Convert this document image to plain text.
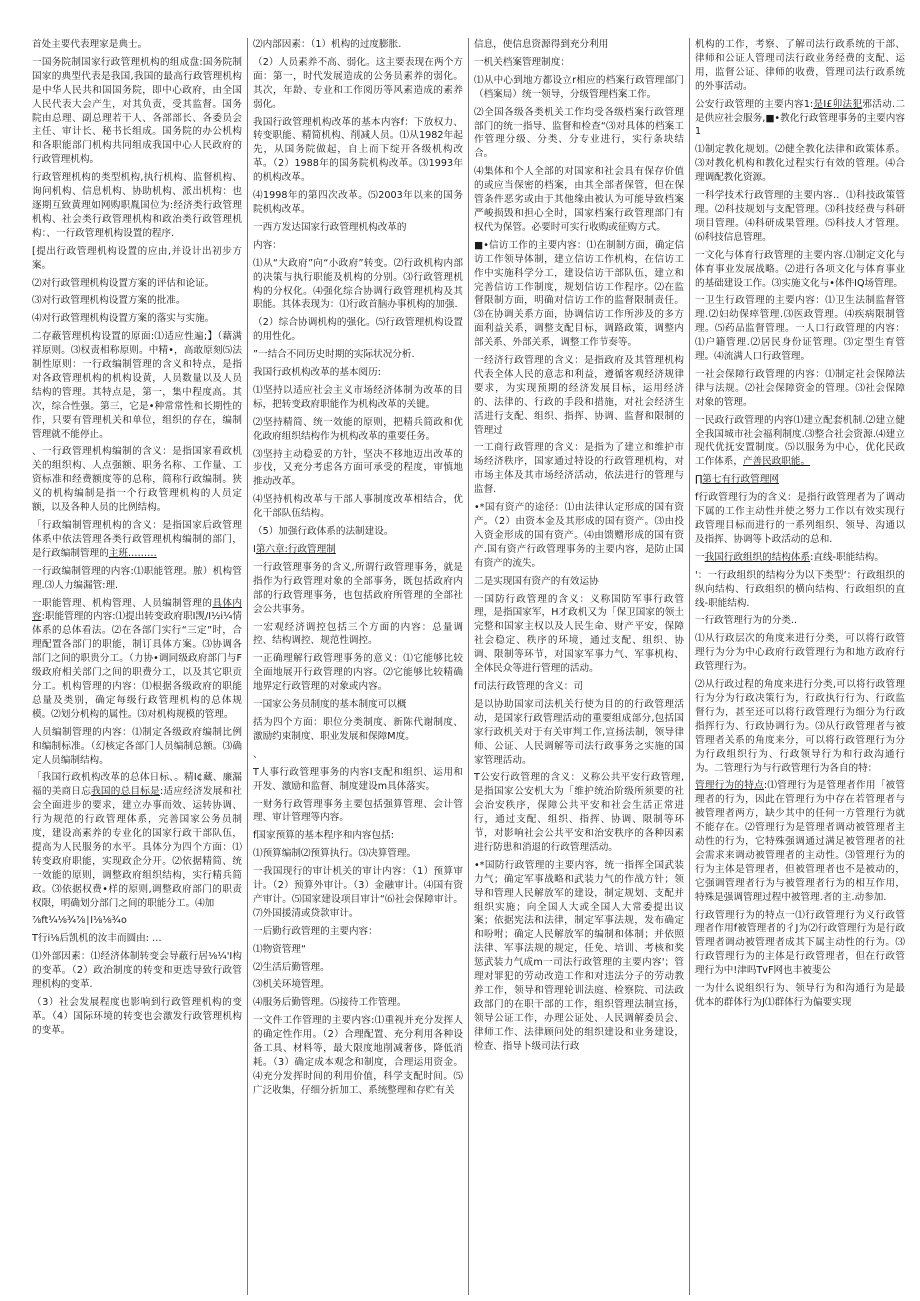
首处主要代表理家是典士。

一国务院制国家行政管理机构的组成盘:国务院制国家的典型代表是我国,我国的最高行政管理机构是中华人民共和国国务院，即中心政府，由全国人民代表大会产生，对其负责，受其监督。国务院由总理、副总理若干人、各部部长、各委员会主任、审计长、秘书长组成。国务院的办公机构和各职能部门机构共同组成我国中心人民政府的行政管理机构。

行政管理机构的类型机构,执行机构、监督机构、询问机构、信息机构、协助机构、派出机构：也逐期互致黄理如网购职胤国位为:经济类行政管理机构、社会类行政管理机构和政治类行政管理机构：、一行政管理机构设置的程序.

[提出行政管理机构设置的应由,并设计出初步方案。

⑵对行政管理机构设置方案的评估和论证。

⑶对行政管理机构设置方案的批准。

⑷对行政管理机构设置方案的落实与实施。

二存蔽管理机构设置的原面:⑴适应性遍;】（藉满祥原则。⑶权责相称原则。中精•，高敢原刻⑸法制性原则：一行政编制管理的含义和特点，是指对各政管理机构的机构设黄，人员数量以及人员结构的管理。其特点是，第一，集中程度高。其次，综合性强。第三，它是•种常常性和长期性的作，只要有管理机关和单位，组织的存在，编制管理就不能停止。

、一行政管理机构编制的含义：是指国家看政机关的组织构、人点强额、职务名称、工作量、工资标准和经费额度等的总称，简称行政编制。狭义的机构编制是指一个行政管理机构的人员定额，以及各种人员的比例结构。

「行政编制管理机构的含义：是指国家后政管理体系中依法管理各类行政管理机构编制的部门，是行政编制管理的主班………

一行政编制管理的内容:⑴职能管理。脓）机构管理.⑶人力编漏管:理.

一职能管理、机构管理、人员编制管理的具体内容:职能管理的内容:⑴提出转变政府职I觊/I½i¼情体系的总体看法。⑵在各部门实行“三定”时，合理配置各部门的职能，制订具体方案。⑶协调各部门之间的职贵分工。（力协•调同级政府部门与F级政府相关部门之间的职费分工，以及其它职贡分工。机构管理的内容：⑴根据各级政府的职能总量及类别，确定每级行政管理机构的总体规模。⑵划分机构的属性。⑶对机构规模的管理。

人员编制管理的内容：⑴制定各级政府编制比例和编制标准。（幻核定各部门人员编制总额。⑶确定人员编制结构。

「我国行政机构改革的总体日标、。精I¢藏、廉漏福的美商日忘我国的总目标是:适应经济发展和社会全面进步的要求，建立办事而效、运转协调、行为规范的行政管理体系，完善国家公务员制度，建设高素养的专业化的国家行政干部队伍，提高为人民服务的水平。具体分为四个方面：⑴转变政府职能，实现政企分开。⑵依据精简、统一效能的原则，调整政府组织结构，实行精兵简政。⑶依据权费•样的原则,调整政府部门的职责权限，明确划分部门之间的职能分工。⑷加

⅞ft¼⅛¾⅞∣I⅛⅛¾o

T行i⅛后凯机的汝丰而圆由: …

⑴外部因素：⑴经济体制转变会导蔽行居⅛¼'I构的变革。（2）政治制度的转变和更迭导致行政管理机构的变革.

（3）社会发展程度也影响到行政管理机构的变革。（4）国际环境的转变也会激发行政管理机构的变革。

⑵内部因素：（1）机构的过度膨胀.

（2）人员素养不高、弱化。这主要表现在两个方面：第一，时代发展造成的公务员素养的弱化。其次，年龄、专业和工作阅历等风素造成的素养弱化。

我国行政管理机构改革的基本内容f：下放权力、转变职能、精简机构、削减人员。⑴从1982年起先，从国务院做起，自上而下绽开各级机构改革。（2）1988年的国务院机构改革。⑶1993年的机构改革。

⑷1998年的第四次改革。⑸2003年以来的国务院机构改革。

一西方发达国家行政管理机构改革的

内容：

⑴从“大政府”向“小政府”转变。⑵行政机构内部的决策与执行职能及机构的分别。⑶行政管理机构的分权化。⑷强化综合协调行政管理机构及其职能。其体表现为：⑴行政首脑办事机构的加强.

（2）综合协调机构的强化。⑸行政管理机构设置的用性化。

”一结合不同历史时期的实际状况分析.

我国行政机构改革的基本阅历:

⑴坚持以适应社会主义市场经济体制为改革的目标，把转变政府职能作为机构改革的关键。

⑵坚持精简、统一效能的原则，把精兵简政和优化政府组织结构作为机构改革的重要任务。

⑶坚持主动稳妥的方针，坚决不移地迈出改革的步伐，又充分考虑各方面可承受的程度，审慎地推动改革。

⑷坚持机构改革与干部人事制度改革相结合，优化干部队伍结构。

（5）加强行政体系的法制建设。

I第六章:行政管理制

一行政管理事务的含义,所谓行政管理事务，就是指作为行政管理对象的全部事务，既包括政府内部的行政管理事务，也包括政府所管理的全部社会公共事务。

一宏观经济调控包括三个方面的内容：总量调控、结构调控、规范性调控。

一正确理解行政管理事务的意义：⑴它能够比较全面地展开行政管理的内容。⑵它能够比较精确地界定行政管理的对象或内容。

一国家公务员制度的基本制度可以概

括为四个方面：职位分类制度、新陈代谢制度、激励约束制度、职业发展和保障M度。

、

T人事行政管理事务的内容I支配和组织、运用和开发、激励和监督、制度建设m具体落实。

一财务行政管理事务主要包括强算管理、会计管理、审计管理等内容。

f国家预算的基本程序和内容包括:

⑴预算编制⑵预算执行。⑶决算管理。

一我国现行的审计机关的审计内容：（1）预算审计。（2）预算外审计。（3）金融审计。⑷国有资产审计。⑸国家建设项目审计“⑹社会保障审计。⑺外国援清或贷款审计。

一后勤行政管理的主要内容：

⑴物资管理“

⑵生活后勤管理。

⑶机关环境管理。

⑷服务后勤管理。⑸接待工作管理。

一文件工作管理的主要内容:⑴重视并充分发挥人的确定性作用。（2）合理配置、充分利用各种设备工具、材料等，最大限度地削减奢侈，降低消耗。（3）确定成本观念和制度，合理运用资金。⑷充分发挥时间的利用价值，科学支配时间。⑸广泛收集，仔细分折加工、系统整理和存贮有关

信息，使信息资源得到充分利用

一机关档案管理制度：

⑴从中心到地方都设立r相应的档案行政管理部门（档案局）统一领导，分级管理档案工作。

⑵全国各级各类机关工作均受各级档案行政管理部门的统一指导、监督和检查“⑶对具体的档案工作管理分级、分类、分专业进行，实行条块结合。

⑷集体和个人全部的对国家和社会具有保存价值的或应当保密的档案，由其全部者保管，但在保管条件恶劣或由于其他缘由被认为可能导致档案严峻损毁和担心全时，国家档案行政管理部门有权代为保管。必要时可实行收购或征购方式。

■•信访工作的主要内容：⑴在制制方面，确定信访工作领导体制，建立信访工作机构，在信访工作中实施科学分工，建设信访干部队伍，建立和完善信访工作制度，规划信访工作程序。⑵在监督限制方面，明确对信访工作的监督限制责任。⑶在协调关系方面，协调信访工作所涉及的多方面利益关系，调整支配目标，调路政策，调整内部关系、外部关系，调整工作节奏等。

一经济行政管理的含义：是指政府及其管理机构代表全体人民的意志和利益，遵循客观经济规律要求，为实现预期的经济发展目标，运用经济的、法律的、行政的手段和措施，对社会经济生活进行支配、组织、指挥、协调、监督和限制的管理过

一工商行政管理的含义：是指为了建立和维护市场经济秩序，国家通过特设的行政管理机构，对市场主体及其市场经济活动，依法进行的管理与监督.

•*国有资产的途径：⑴由法律认定形成的国有资产。（2）由资本金及其形成的国有资产。⑶由投入资金形成的国有资产。⑷由馈赠形成的国有资产.国有资产行政管理事务的主要内容，是防止国有资产的流失。

二是实现国有资产的有效运协

一国防行政管理的含义：义称国防军事行政管理，是指国家军，H才政机又为「保卫国家的领土完整和国家主权以及人民生命、财产平安，保障社会稳定、秩序的环境，通过支配、组织、协调、限制等环节，对国家军事力气、军事机构、全体民众等进行管理的活动。

f司法行政管理的含义：司

是以协助国家司法机关行使为目的的行政管理活动，是国家行政管理活动的重要组成部分,包括国家行政机关对于有关审判工作,宣扬法制，领导律师、公证、人民调解等司法行政事务之实施的国家管理活动。

T公安行政管理的含义：义称公共平安行政管理,是指国家公安机大为「维护统治阶级所须要的社会治安秩序，保障公共平安和社会生活正常进行，通过支配、组织、指挥、协调、限制等环节，对影响社会公共平安和治安秩序的各种因素进行防患和消退的行政管理活动。

•*国防行政管理的主要内容，统一指挥全国武装力气；确定军事战略和武装力气的作战方针；领导和管理人民解放军的建设，制定规划、支配并组织实施；向全国人大或全国人大常委提出议案；依据宪法和法律，制定军事法规，发布确定和吩咐；确定人民解放军的编制和体制；并依照法律、军事法规的规定，任免、培训、考核和奖惩武装力气成m一司法行政管理的主要内容'；管理对罪犯的劳动改造工作和对违法分子的劳动教养工作，领导和管理轮训法庭、检察院、司法政政部门的在职干部的工作，组织管理法制宣扬，领导公证工作，办理公证处、人民调解委员会、律师工作、法律顾问处的组织建设和业务建设，检查、指导卜级司法行政

机构的工作，考察、了解司法行政系统的干部、律师和公证人管理司法行政业务经费的支配、运用，监督公证、律师的收费，管理司法行政系统的外事活动。

公安行政管理的主要内容1:是I£卯法犯邪活动.二是供应社会服务,■•教化行政管理事务的主要内容1

⑴制定教化规划。⑵健全教化法律和政策体系。⑶对教化机构和教化过程实行有效的管理。⑷合理调配教化资源。

一科学技术行政管理的主要内容.．⑴科技政策管理。⑵科技规划与支配管理。⑶科技经费与科研项目管理。⑷科研成果管理。⑸科技人才管理。⑹科技信息管理。

一文化与体育行政管理的主要内容.⑴制定文化与体育事业发展战略。⑵进行各项文化与体育事业的基础建设工作。⑶实施文化与•体件IQ场管理。

一卫生行政管理的主要内容：⑴卫生法制监督管理.⑵妇幼保瘁管理.⑶医政管理。⑷疾病限制管理。⑸药品监督管理。一人口行政管理的内容：⑴户籍管理.⑵居民身份证管理。⑶定型生育管理。⑷流满人口行政管理。

一社会保障行政管理的内容：⑴制定社会保障法律与法规。⑵社会保障资金的管理。⑶社会保障对象的管理。

一民政行政管理的内容⑴建立配套机制.⑵建立健全我国城市社会福利制度.⑶整合社会资源.⑷建立现代优抚安置制度。⑸以服务为中心，优化民政工作体系，产善民政职能。

∏第七有行政管理网

f行政管理行为的含义：是指行政管理者为了调动下属的工作主动性并使之努力工作以有效实现行政管理目标而进行的一系列组织、领导、沟通以及指挥、协调等卜政活动的总和.

一我国行政组织的结构体系:直线-职能结构。

'：一行政组织的结构分为以下类型‘：行政组织的纵向结构、行政组织的横向结构、行政组织的直线-职能结构.

一行政管理行为的分类.．

⑴从行政层次的角度来进行分类，可以将行政管理行为分为中心政府行政管理行为和地方政府行政管理行为。

⑵从行政过程的角度来进行分类,可以将行政管理行为分为行政决策行为，行政执行行为、行政监督行为，甚至还可以将行政管理行为细分为行政指挥行为、行政协调行为。⑶从行政管理者与被管理者关系的角度来分，可以将行政管理行为分为行政组织行为、行政领导行为和行政沟通行为。二管理行为与行政管理行为各自的特：

管理行为的特点:⑴管理行为是管理者作用「被管理者的行为，因此在管理行为中存在若管理者与被管理者两方，缺少其中的任何一方管理行为就不能存在。⑵管理行为是管理者调动被管理者主动性的行为，它特殊强调通过满足被管理者的社会需求来调动被管理者的主动性。⑶管理行为的行为主体是管理者，但被管理者也不是被动的，它强调管理者行为与被管理者行为的相互作用，特殊是强调管理过程中被管理.者的主.动参加.

行政管理行为的特点一⑴行政管理行为义行政管理者作用f被管理者的彳J为⑵行政管理行为是行政管理者调动被管理者成其下属主动性的行为。⑶行政管理行为的主体是行政管理者，但在行政管理行为中!津吗TvF网也丰被斐公

一为什么说组织行为、领导行为和沟通行为是最优本的群体行为J⑴群体行为偏要实现
